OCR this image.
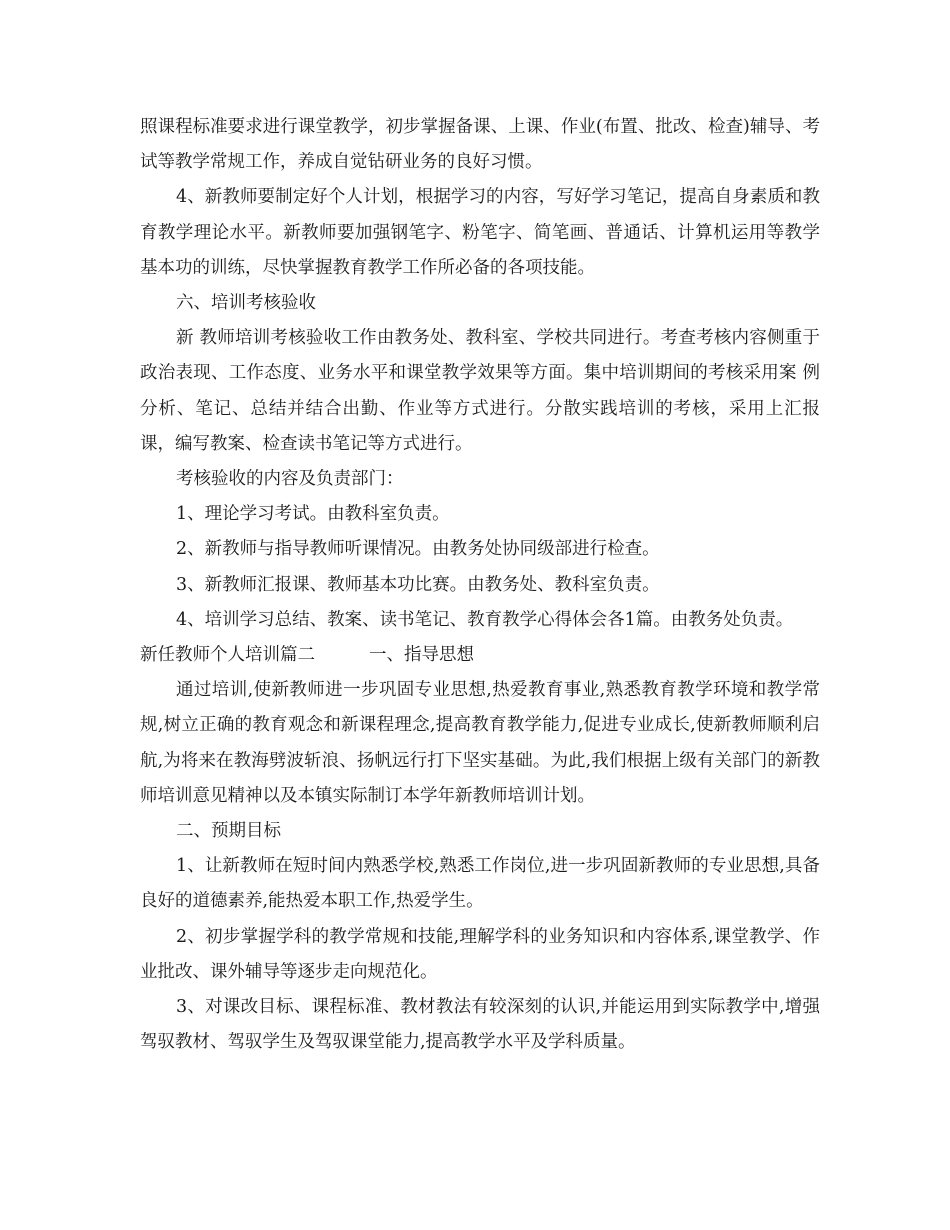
照课程标准要求进行课堂教学，初步掌握备课、上课、作业(布置、批改、检查)辅导、考试等教学常规工作，养成自觉钻研业务的良好习惯。

4、新教师要制定好个人计划，根据学习的内容，写好学习笔记，提高自身素质和教育教学理论水平。新教师要加强钢笔字、粉笔字、简笔画、普通话、计算机运用等教学基本功的训练，尽快掌握教育教学工作所必备的各项技能。

六、培训考核验收

新 教师培训考核验收工作由教务处、教科室、学校共同进行。考查考核内容侧重于政治表现、工作态度、业务水平和课堂教学效果等方面。集中培训期间的考核采用案 例分析、笔记、总结并结合出勤、作业等方式进行。分散实践培训的考核，采用上汇报课，编写教案、检查读书笔记等方式进行。

考核验收的内容及负责部门：

1、理论学习考试。由教科室负责。

2、新教师与指导教师听课情况。由教务处协同级部进行检查。

3、新教师汇报课、教师基本功比赛。由教务处、教科室负责。

4、培训学习总结、教案、读书笔记、教育教学心得体会各1篇。由教务处负责。

新任教师个人培训篇二	一、指导思想

通过培训,使新教师进一步巩固专业思想,热爱教育事业,熟悉教育教学环境和教学常规,树立正确的教育观念和新课程理念,提高教育教学能力,促进专业成长,使新教师顺利启航,为将来在教海劈波斩浪、扬帆远行打下坚实基础。为此,我们根据上级有关部门的新教师培训意见精神以及本镇实际制订本学年新教师培训计划。

二、预期目标

1、让新教师在短时间内熟悉学校,熟悉工作岗位,进一步巩固新教师的专业思想,具备良好的道德素养,能热爱本职工作,热爱学生。

2、初步掌握学科的教学常规和技能,理解学科的业务知识和内容体系,课堂教学、作业批改、课外辅导等逐步走向规范化。

3、对课改目标、课程标准、教材教法有较深刻的认识,并能运用到实际教学中,增强驾驭教材、驾驭学生及驾驭课堂能力,提高教学水平及学科质量。
